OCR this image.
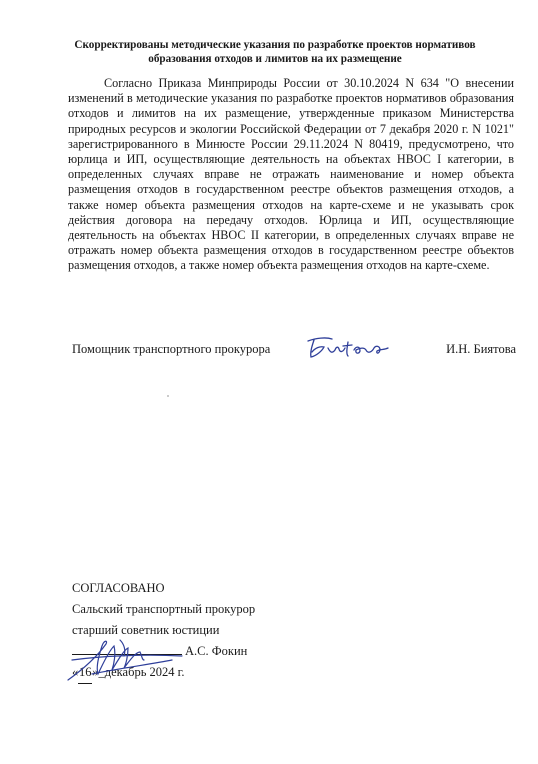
Скорректированы методические указания по разработке проектов нормативов
образования отходов и лимитов на их размещение

Согласно Приказа Минприроды России от 30.10.2024 N 634 "О внесении изменений в методические указания по разработке проектов нормативов образования отходов и лимитов на их размещение, утвержденные приказом Министерства природных ресурсов и экологии Российской Федерации от 7 декабря 2020 г. N 1021" зарегистрированного в Минюсте России 29.11.2024 N 80419, предусмотрено, что юрлица и ИП, осуществляющие деятельность на объектах НВОС I категории, в определенных случаях вправе не отражать наименование и номер объекта размещения отходов в государственном реестре объектов размещения отходов, а также номер объекта размещения отходов на карте-схеме и не указывать срок действия договора на передачу отходов. Юрлица и ИП, осуществляющие деятельность на объектах НВОС II категории, в определенных случаях вправе не отражать номер объекта размещения отходов в государственном реестре объектов размещения отходов, а также номер объекта размещения отходов на карте-схеме.

Помощник транспортного прокурора	И.Н. Биятова
СОГЛАСОВАНО
Сальский транспортный прокурор
старший советник юстиции
А.С. Фокин
«16»_декабрь 2024 г.
